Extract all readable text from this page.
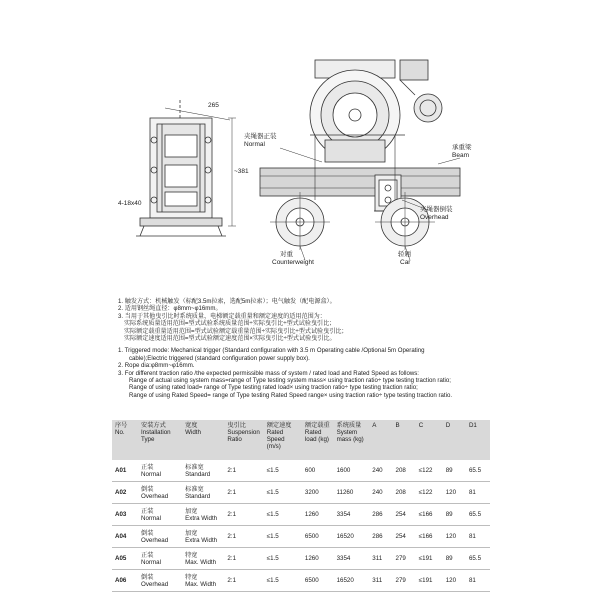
265
~381
4-18x40
夹绳器正装
Normal	承重梁
Beam
夹绳器倒装
Overhead
对重
Counterweight
轿厢
Car
1. 触发方式：机械触发（标配3.5m拉索，选配5m拉索）；电气触发（配电源盒）。
2. 适用钢丝绳直径：φ8mm~φ16mm。
3. 当用于其他曳引比时系统质量、电梯额定载重量和额定速度的适用范围为：
实际系统质量适用范围=型式试验系统质量范围÷实际曳引比÷型式试验曳引比；
实际额定载重量适用范围=型式试验额定载重量范围÷实际曳引比÷型式试验曳引比；
实际额定速度适用范围=型式试验额定速度范围×实际曳引比÷型式试验曳引比。
1. Triggered mode: Mechanical trigger (Standard configuration with 3.5 m Operating cable /Optional 5m Operating
cable);Electric triggered (standard configuration power supply box).
2. Rope dia:φ8mm~φ16mm.
3. For different traction ratio /the expected permissible mass of system / rated load and Rated Speed as follows:
Range of actual using system mass=range of Type testing system mass× using traction ratio÷ type testing traction ratio;
Range of using rated load= range of Type testing rated load× using traction ratio÷ type testing traction ratio;
Range of using Rated Speed= range of Type testing Rated Speed range× using traction ratio÷ type testing traction ratio.
序号
No.	安装方式
Installation Type	宽度
Width	曳引比
Suspension Ratio	额定速度
Rated Speed (m/s)	额定载重
Rated load (kg)	系统质量
System mass (kg)	A	B	C	D	D1
A01	正装
Normal	标准宽
Standard	2:1	≤1.5	600	1600	240	208	≤122	89	65.5
A02	倒装
Overhead	标准宽
Standard	2:1	≤1.5	3200	11260	240	208	≤122	120	81
A03	正装
Normal	加宽
Extra Width	2:1	≤1.5	1260	3354	286	254	≤166	89	65.5
A04	倒装
Overhead	加宽
Extra Width	2:1	≤1.5	6500	16520	286	254	≤166	120	81
A05	正装
Normal	特宽
Max. Width	2:1	≤1.5	1260	3354	311	279	≤191	89	65.5
A06	倒装
Overhead	特宽
Max. Width	2:1	≤1.5	6500	16520	311	279	≤191	120	81
